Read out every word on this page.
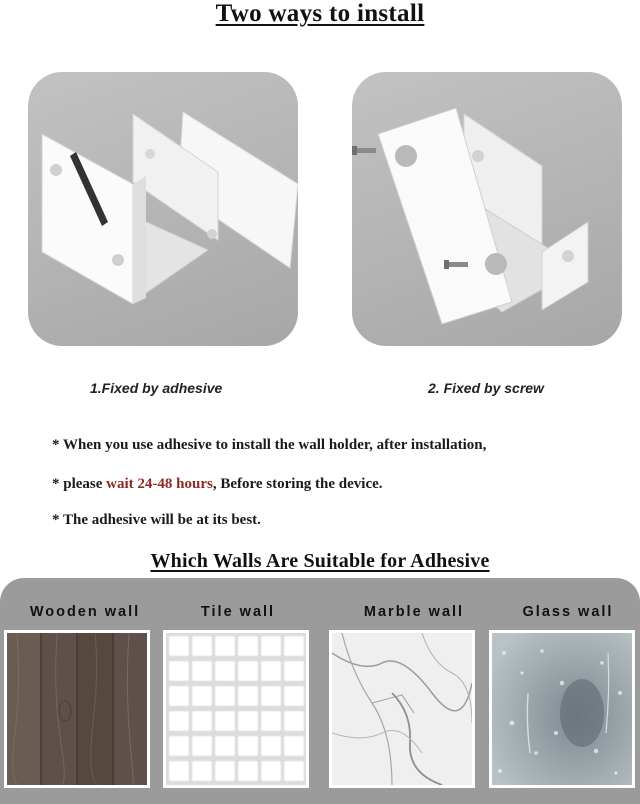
Two ways to install
1.Fixed by adhesive	2. Fixed by screw
* When you use adhesive to install the wall holder, after installation,
* please wait 24-48 hours, Before storing the device.
* The adhesive will be at its best.
Which Walls Are Suitable for Adhesive
Wooden wall	Tile wall	Marble wall	Glass wall
